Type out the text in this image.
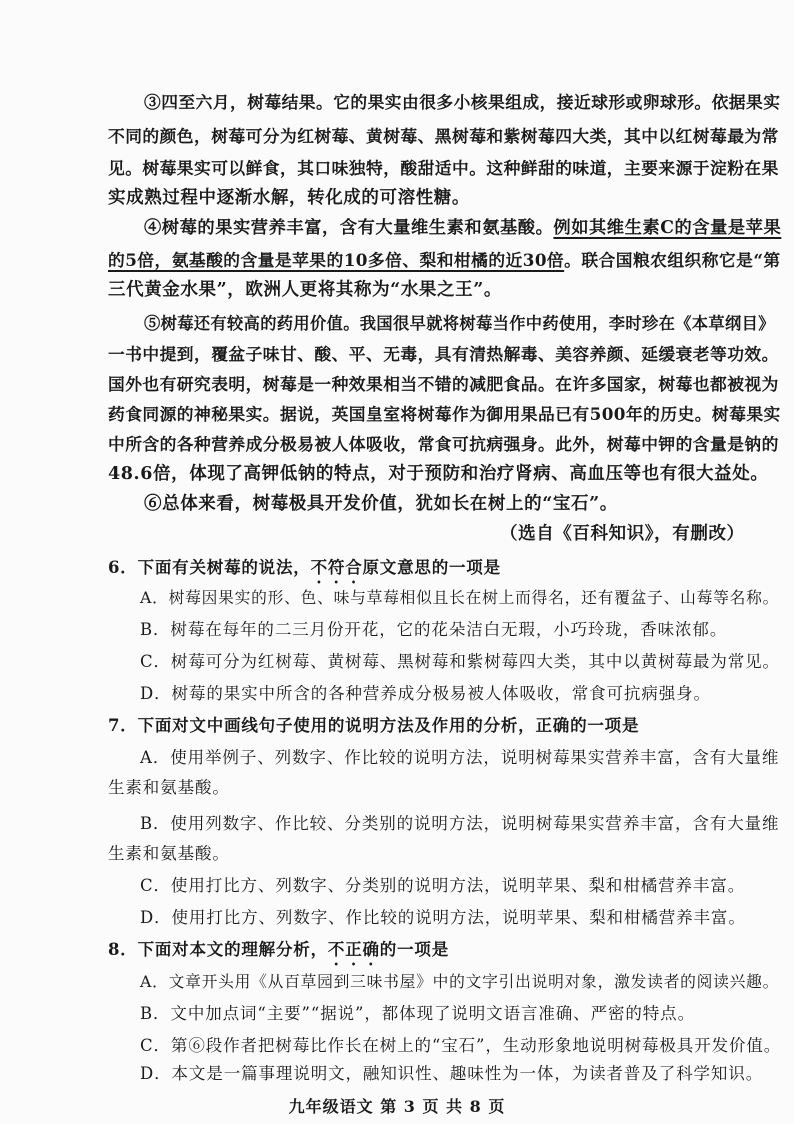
③四至六月，树莓结果。它的果实由很多小核果组成，接近球形或卵球形。依据果实
不同的颜色，树莓可分为红树莓、黄树莓、黑树莓和紫树莓四大类，其中以红树莓最为常
见。树莓果实可以鲜食，其口味独特，酸甜适中。这种鲜甜的味道，主要来源于淀粉在果
实成熟过程中逐渐水解，转化成的可溶性糖。
④树莓的果实营养丰富，含有大量维生素和氨基酸。例如其维生素C的含量是苹果
的5倍，氨基酸的含量是苹果的10多倍、梨和柑橘的近30倍。联合国粮农组织称它是“第
三代黄金水果”，欧洲人更将其称为“水果之王”。
⑤树莓还有较高的药用价值。我国很早就将树莓当作中药使用，李时珍在《本草纲目》
一书中提到，覆盆子味甘、酸、平、无毒，具有清热解毒、美容养颜、延缓衰老等功效。
国外也有研究表明，树莓是一种效果相当不错的减肥食品。在许多国家，树莓也都被视为
药食同源的神秘果实。据说，英国皇室将树莓作为御用果品已有500年的历史。树莓果实
中所含的各种营养成分极易被人体吸收，常食可抗病强身。此外，树莓中钾的含量是钠的
48.6倍，体现了高钾低钠的特点，对于预防和治疗肾病、高血压等也有很大益处。
⑥总体来看，树莓极具开发价值，犹如长在树上的“宝石”。
（选自《百科知识》，有删改）
6．下面有关树莓的说法，不符合原文意思的一项是
A．树莓因果实的形、色、味与草莓相似且长在树上而得名，还有覆盆子、山莓等名称。
B．树莓在每年的二三月份开花，它的花朵洁白无瑕，小巧玲珑，香味浓郁。
C．树莓可分为红树莓、黄树莓、黑树莓和紫树莓四大类，其中以黄树莓最为常见。
D．树莓的果实中所含的各种营养成分极易被人体吸收，常食可抗病强身。
7．下面对文中画线句子使用的说明方法及作用的分析，正确的一项是
A．使用举例子、列数字、作比较的说明方法，说明树莓果实营养丰富，含有大量维
生素和氨基酸。
B．使用列数字、作比较、分类别的说明方法，说明树莓果实营养丰富，含有大量维
生素和氨基酸。
C．使用打比方、列数字、分类别的说明方法，说明苹果、梨和柑橘营养丰富。
D．使用打比方、列数字、作比较的说明方法，说明苹果、梨和柑橘营养丰富。
8．下面对本文的理解分析，不正确的一项是
A．文章开头用《从百草园到三味书屋》中的文字引出说明对象，激发读者的阅读兴趣。
B．文中加点词“主要”“据说”，都体现了说明文语言准确、严密的特点。
C．第⑥段作者把树莓比作长在树上的“宝石”，生动形象地说明树莓极具开发价值。
D．本文是一篇事理说明文，融知识性、趣味性为一体，为读者普及了科学知识。
九年级语文 第 3 页 共 8 页
